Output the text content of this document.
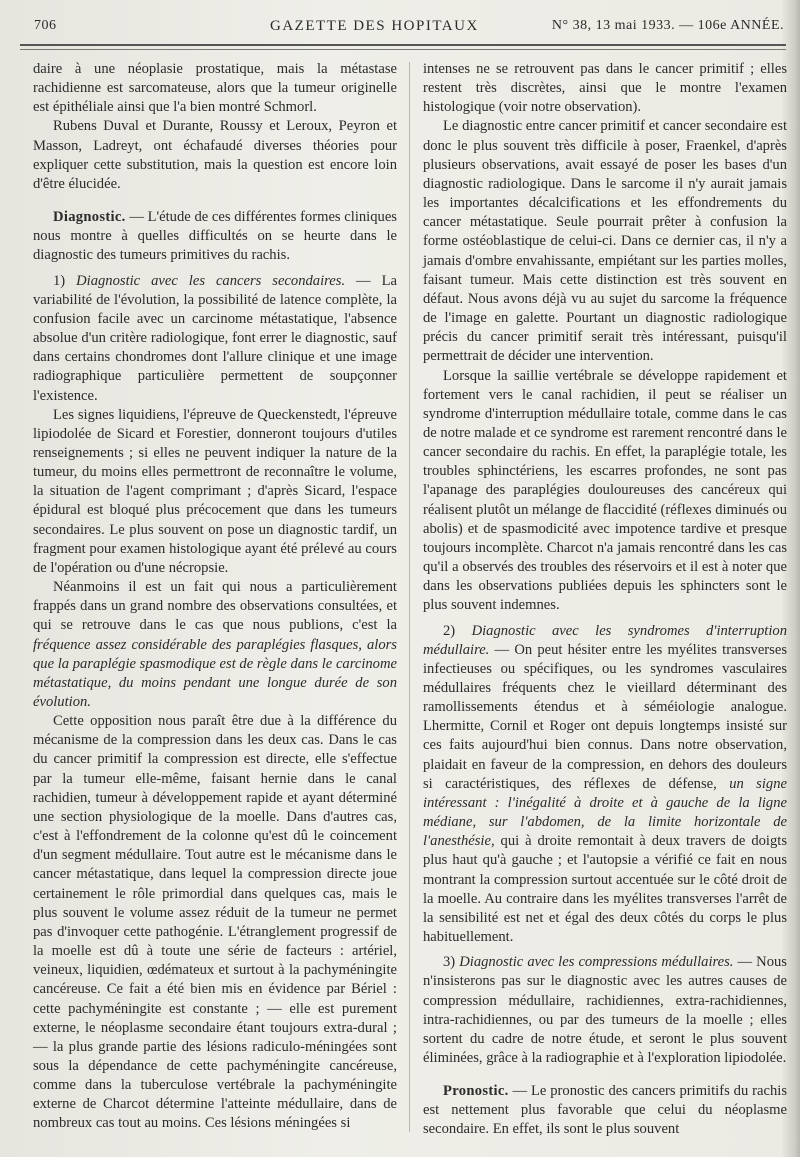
706	GAZETTE DES HOPITAUX	N° 38, 13 mai 1933. — 106e ANNÉE.

daire à une néoplasie prostatique, mais la métastase rachidienne est sarcomateuse, alors que la tumeur originelle est épithéliale ainsi que l'a bien montré Schmorl.

Rubens Duval et Durante, Roussy et Leroux, Peyron et Masson, Ladreyt, ont échafaudé diverses théories pour expliquer cette substitution, mais la question est encore loin d'être élucidée.

Diagnostic. — L'étude de ces différentes formes cliniques nous montre à quelles difficultés on se heurte dans le diagnostic des tumeurs primitives du rachis.

1) Diagnostic avec les cancers secondaires. — La variabilité de l'évolution, la possibilité de latence complète, la confusion facile avec un carcinome métastatique, l'absence absolue d'un critère radiologique, font errer le diagnostic, sauf dans certains chondromes dont l'allure clinique et une image radiographique particulière permettent de soupçonner l'existence.

Les signes liquidiens, l'épreuve de Queckenstedt, l'épreuve lipiodolée de Sicard et Forestier, donneront toujours d'utiles renseignements ; si elles ne peuvent indiquer la nature de la tumeur, du moins elles permettront de reconnaître le volume, la situation de l'agent comprimant ; d'après Sicard, l'espace épidural est bloqué plus précocement que dans les tumeurs secondaires. Le plus souvent on pose un diagnostic tardif, un fragment pour examen histologique ayant été prélevé au cours de l'opération ou d'une nécropsie.

Néanmoins il est un fait qui nous a particulièrement frappés dans un grand nombre des observations consultées, et qui se retrouve dans le cas que nous publions, c'est la fréquence assez considérable des paraplégies flasques, alors que la paraplégie spasmodique est de règle dans le carcinome métastatique, du moins pendant une longue durée de son évolution.

Cette opposition nous paraît être due à la différence du mécanisme de la compression dans les deux cas. Dans le cas du cancer primitif la compression est directe, elle s'effectue par la tumeur elle-même, faisant hernie dans le canal rachidien, tumeur à développement rapide et ayant déterminé une section physiologique de la moelle. Dans d'autres cas, c'est à l'effondrement de la colonne qu'est dû le coincement d'un segment médullaire. Tout autre est le mécanisme dans le cancer métastatique, dans lequel la compression directe joue certainement le rôle primordial dans quelques cas, mais le plus souvent le volume assez réduit de la tumeur ne permet pas d'invoquer cette pathogénie. L'étranglement progressif de la moelle est dû à toute une série de facteurs : artériel, veineux, liquidien, œdémateux et surtout à la pachyméningite cancéreuse. Ce fait a été bien mis en évidence par Bériel : cette pachyméningite est constante ; — elle est purement externe, le néoplasme secondaire étant toujours extra-dural ; — la plus grande partie des lésions radiculo-méningées sont sous la dépendance de cette pachyméningite cancéreuse, comme dans la tuberculose vertébrale la pachyméningite externe de Charcot détermine l'atteinte médullaire, dans de nombreux cas tout au moins. Ces lésions méningées si

intenses ne se retrouvent pas dans le cancer primitif ; elles restent très discrètes, ainsi que le montre l'examen histologique (voir notre observation).

Le diagnostic entre cancer primitif et cancer secondaire est donc le plus souvent très difficile à poser, Fraenkel, d'après plusieurs observations, avait essayé de poser les bases d'un diagnostic radiologique. Dans le sarcome il n'y aurait jamais les importantes décalcifications et les effondrements du cancer métastatique. Seule pourrait prêter à confusion la forme ostéoblastique de celui-ci. Dans ce dernier cas, il n'y a jamais d'ombre envahissante, empiétant sur les parties molles, faisant tumeur. Mais cette distinction est très souvent en défaut. Nous avons déjà vu au sujet du sarcome la fréquence de l'image en galette. Pourtant un diagnostic radiologique précis du cancer primitif serait très intéressant, puisqu'il permettrait de décider une intervention.

Lorsque la saillie vertébrale se développe rapidement et fortement vers le canal rachidien, il peut se réaliser un syndrome d'interruption médullaire totale, comme dans le cas de notre malade et ce syndrome est rarement rencontré dans le cancer secondaire du rachis. En effet, la paraplégie totale, les troubles sphinctériens, les escarres profondes, ne sont pas l'apanage des paraplégies douloureuses des cancéreux qui réalisent plutôt un mélange de flaccidité (réflexes diminués ou abolis) et de spasmodicité avec impotence tardive et presque toujours incomplète. Charcot n'a jamais rencontré dans les cas qu'il a observés des troubles des réservoirs et il est à noter que dans les observations publiées depuis les sphincters sont le plus souvent indemnes.

2) Diagnostic avec les syndromes d'interruption médullaire. — On peut hésiter entre les myélites transverses infectieuses ou spécifiques, ou les syndromes vasculaires médullaires fréquents chez le vieillard déterminant des ramollissements étendus et à séméiologie analogue. Lhermitte, Cornil et Roger ont depuis longtemps insisté sur ces faits aujourd'hui bien connus. Dans notre observation, plaidait en faveur de la compression, en dehors des douleurs si caractéristiques, des réflexes de défense, un signe intéressant : l'inégalité à droite et à gauche de la ligne médiane, sur l'abdomen, de la limite horizontale de l'anesthésie, qui à droite remontait à deux travers de doigts plus haut qu'à gauche ; et l'autopsie a vérifié ce fait en nous montrant la compression surtout accentuée sur le côté droit de la moelle. Au contraire dans les myélites transverses l'arrêt de la sensibilité est net et égal des deux côtés du corps le plus habituellement.

3) Diagnostic avec les compressions médullaires. — Nous n'insisterons pas sur le diagnostic avec les autres causes de compression médullaire, rachidiennes, extra-rachidiennes, intra-rachidiennes, ou par des tumeurs de la moelle ; elles sortent du cadre de notre étude, et seront le plus souvent éliminées, grâce à la radiographie et à l'exploration lipiodolée.

Pronostic. — Le pronostic des cancers primitifs du rachis est nettement plus favorable que celui du néoplasme secondaire. En effet, ils sont le plus souvent
